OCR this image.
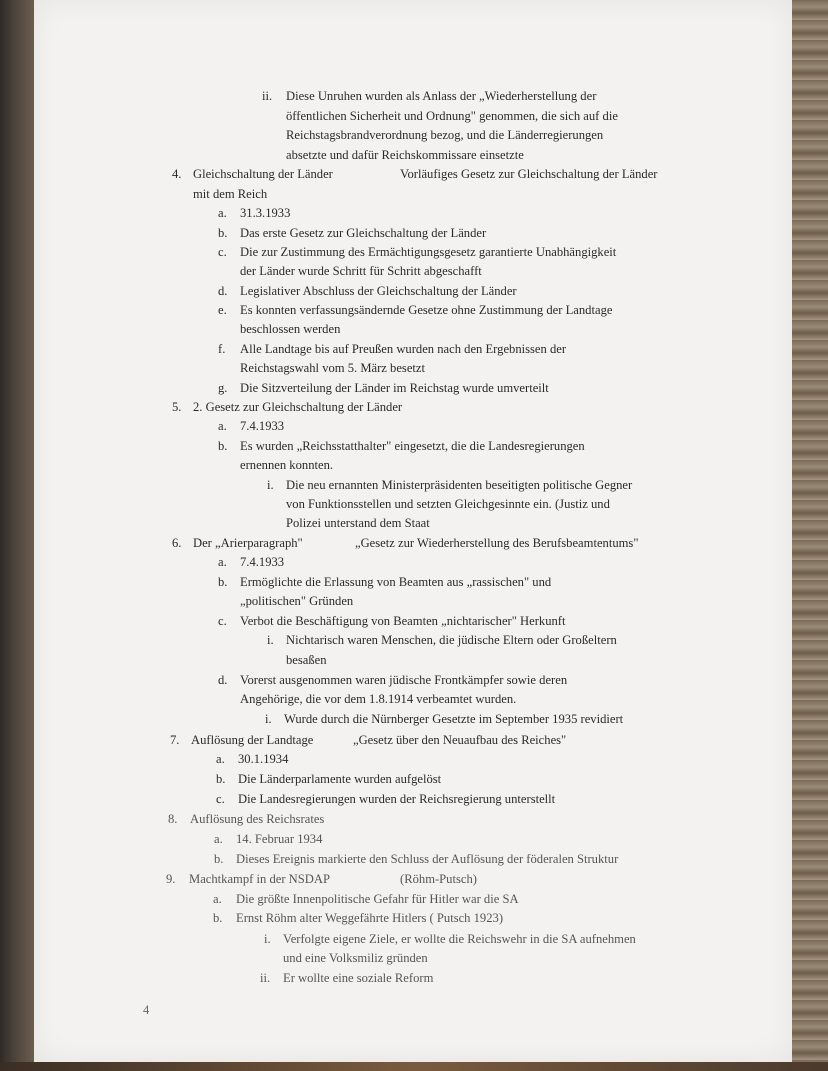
ii. Diese Unruhen wurden als Anlass der „Wiederherstellung der
öffentlichen Sicherheit und Ordnung" genommen, die sich auf die
Reichstagsbrandverordnung bezog, und die Länderregierungen
absetzte und dafür Reichskommissare einsetzte
4. Gleichschaltung der Länder	Vorläufiges Gesetz zur Gleichschaltung der Länder
mit dem Reich
a. 31.3.1933
b. Das erste Gesetz zur Gleichschaltung der Länder
c. Die zur Zustimmung des Ermächtigungsgesetz garantierte Unabhängigkeit
der Länder wurde Schritt für Schritt abgeschafft
d. Legislativer Abschluss der Gleichschaltung der Länder
e. Es konnten verfassungsändernde Gesetze ohne Zustimmung der Landtage
beschlossen werden
f. Alle Landtage bis auf Preußen wurden nach den Ergebnissen der
Reichstagswahl vom 5. März besetzt
g. Die Sitzverteilung der Länder im Reichstag wurde umverteilt
5. 2. Gesetz zur Gleichschaltung der Länder
a. 7.4.1933
b. Es wurden „Reichsstatthalter" eingesetzt, die die Landesregierungen
ernennen konnten.
i. Die neu ernannten Ministerpräsidenten beseitigten politische Gegner
von Funktionsstellen und setzten Gleichgesinnte ein. (Justiz und
Polizei unterstand dem Staat
6. Der „Arierparagraph"	„Gesetz zur Wiederherstellung des Berufsbeamtentums"
a. 7.4.1933
b. Ermöglichte die Erlassung von Beamten aus „rassischen" und
„politischen" Gründen
c. Verbot die Beschäftigung von Beamten „nichtarischer" Herkunft
i. Nichtarisch waren Menschen, die jüdische Eltern oder Großeltern
besaßen
d. Vorerst ausgenommen waren jüdische Frontkämpfer sowie deren
Angehörige, die vor dem 1.8.1914 verbeamtet wurden.
i. Wurde durch die Nürnberger Gesetzte im September 1935 revidiert
7. Auflösung der Landtage	„Gesetz über den Neuaufbau des Reiches"
a. 30.1.1934
b. Die Länderparlamente wurden aufgelöst
c. Die Landesregierungen wurden der Reichsregierung unterstellt
8. Auflösung des Reichsrates
a. 14. Februar 1934
b. Dieses Ereignis markierte den Schluss der Auflösung der föderalen Struktur
9. Machtkampf in der NSDAP	(Röhm-Putsch)
a. Die größte Innenpolitische Gefahr für Hitler war die SA
b. Ernst Röhm alter Weggefährte Hitlers ( Putsch 1923)
i. Verfolgte eigene Ziele, er wollte die Reichswehr in die SA aufnehmen
und eine Volksmiliz gründen
ii. Er wollte eine soziale Reform
4
